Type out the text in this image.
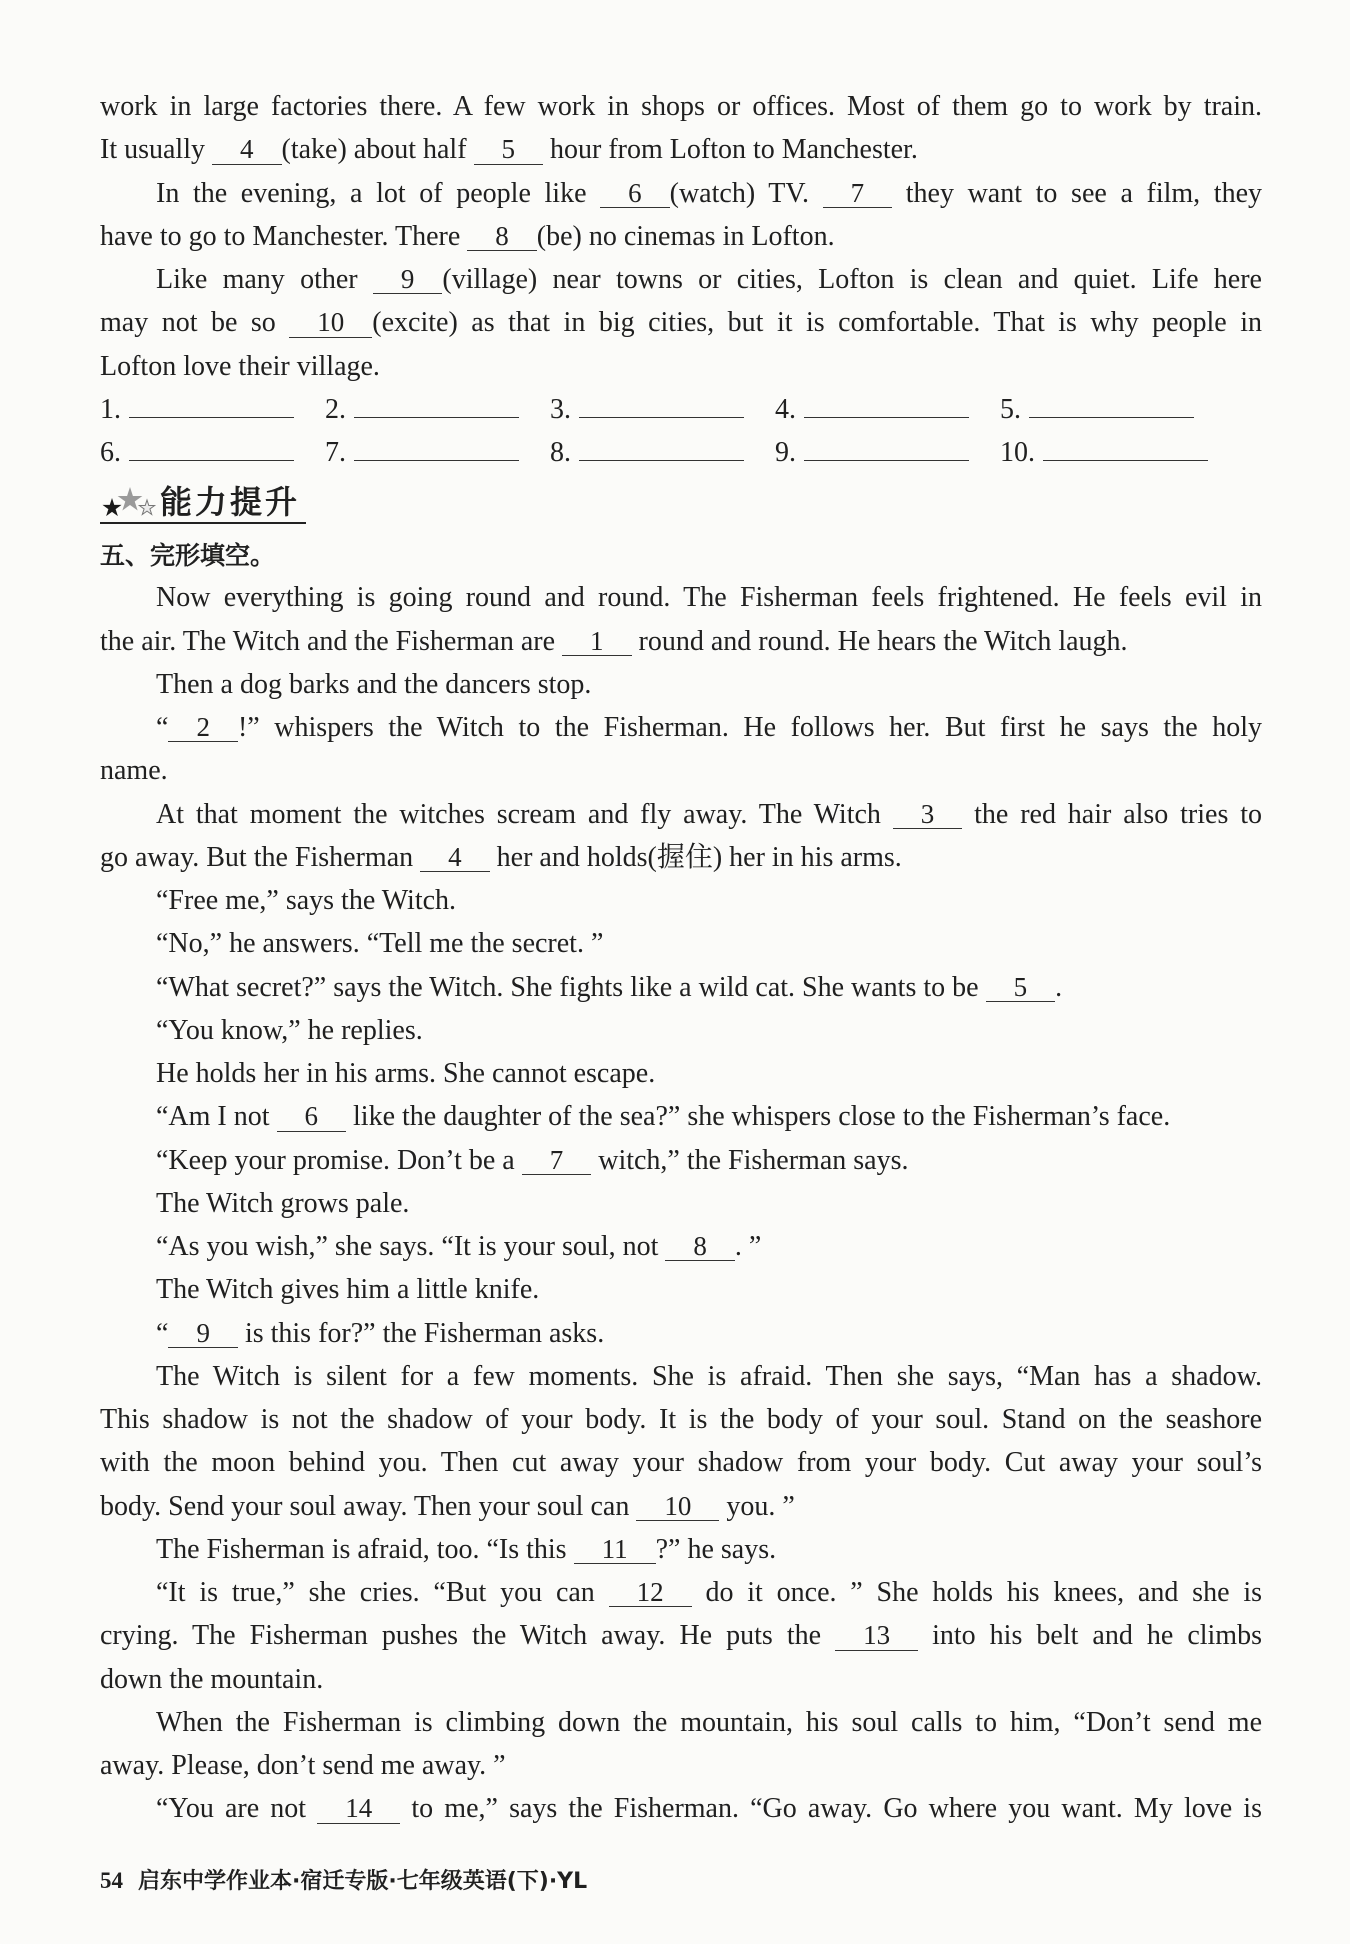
work in large factories there. A few work in shops or offices. Most of them go to work by train.
It usually 4 (take) about half 5 hour from Lofton to Manchester.
In the evening, a lot of people like 6 (watch) TV. 7 they want to see a film, they
have to go to Manchester. There 8 (be) no cinemas in Lofton.
Like many other 9 (village) near towns or cities, Lofton is clean and quiet. Life here
may not be so 10 (excite) as that in big cities, but it is comfortable. That is why people in
Lofton love their village.
1.	2.	3.	4.	5.
6.	7.	8.	9.	10.
能力提升
五、完形填空。
Now everything is going round and round. The Fisherman feels frightened. He feels evil in
the air. The Witch and the Fisherman are 1 round and round. He hears the Witch laugh.
Then a dog barks and the dancers stop.
“ 2 !” whispers the Witch to the Fisherman. He follows her. But first he says the holy
name.
At that moment the witches scream and fly away. The Witch 3 the red hair also tries to
go away. But the Fisherman 4 her and holds(握住) her in his arms.
“Free me,” says the Witch.
“No,” he answers. “Tell me the secret. ”
“What secret?” says the Witch. She fights like a wild cat. She wants to be 5 .
“You know,” he replies.
He holds her in his arms. She cannot escape.
“Am I not 6 like the daughter of the sea?” she whispers close to the Fisherman’s face.
“Keep your promise. Don’t be a 7 witch,” the Fisherman says.
The Witch grows pale.
“As you wish,” she says. “It is your soul, not 8 . ”
The Witch gives him a little knife.
“ 9 is this for?” the Fisherman asks.
The Witch is silent for a few moments. She is afraid. Then she says, “Man has a shadow.
This shadow is not the shadow of your body. It is the body of your soul. Stand on the seashore
with the moon behind you. Then cut away your shadow from your body. Cut away your soul’s
body. Send your soul away. Then your soul can 10 you. ”
The Fisherman is afraid, too. “Is this 11 ?” he says.
“It is true,” she cries. “But you can 12 do it once. ” She holds his knees, and she is
crying. The Fisherman pushes the Witch away. He puts the 13 into his belt and he climbs
down the mountain.
When the Fisherman is climbing down the mountain, his soul calls to him, “Don’t send me
away. Please, don’t send me away. ”
“You are not 14 to me,” says the Fisherman. “Go away. Go where you want. My love is
54 启东中学作业本·宿迁专版·七年级英语(下)·YL
